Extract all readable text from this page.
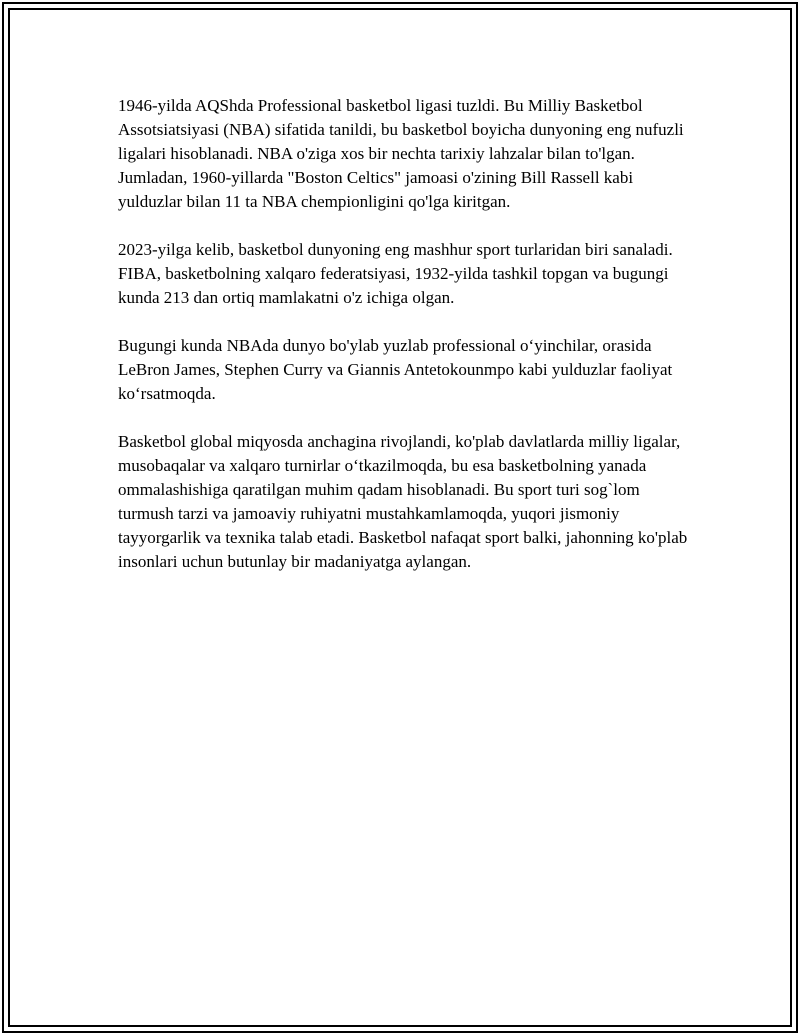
1946-yilda AQShda Professional basketbol ligasi tuzldi. Bu Milliy Basketbol Assotsiatsiyasi (NBA) sifatida tanildi, bu basketbol boyicha dunyoning eng nufuzli ligalari hisoblanadi. NBA o'ziga xos bir nechta tarixiy lahzalar bilan to'lgan. Jumladan, 1960-yillarda "Boston Celtics" jamoasi o'zining Bill Rassell kabi yulduzlar bilan 11 ta NBA chempionligini qo'lga kiritgan.

2023-yilga kelib, basketbol dunyoning eng mashhur sport turlaridan biri sanaladi. FIBA, basketbolning xalqaro federatsiyasi, 1932-yilda tashkil topgan va bugungi kunda 213 dan ortiq mamlakatni o'z ichiga olgan.

Bugungi kunda NBAda dunyo bo'ylab yuzlab professional o‘yinchilar, orasida LeBron James, Stephen Curry va Giannis Antetokounmpo kabi yulduzlar faoliyat ko‘rsatmoqda.

Basketbol global miqyosda anchagina rivojlandi, ko'plab davlatlarda milliy ligalar, musobaqalar va xalqaro turnirlar o‘tkazilmoqda, bu esa basketbolning yanada ommalashishiga qaratilgan muhim qadam hisoblanadi. Bu sport turi sog`lom turmush tarzi va jamoaviy ruhiyatni mustahkamlamoqda, yuqori jismoniy tayyorgarlik va texnika talab etadi. Basketbol nafaqat sport balki, jahonning ko'plab insonlari uchun butunlay bir madaniyatga aylangan.
